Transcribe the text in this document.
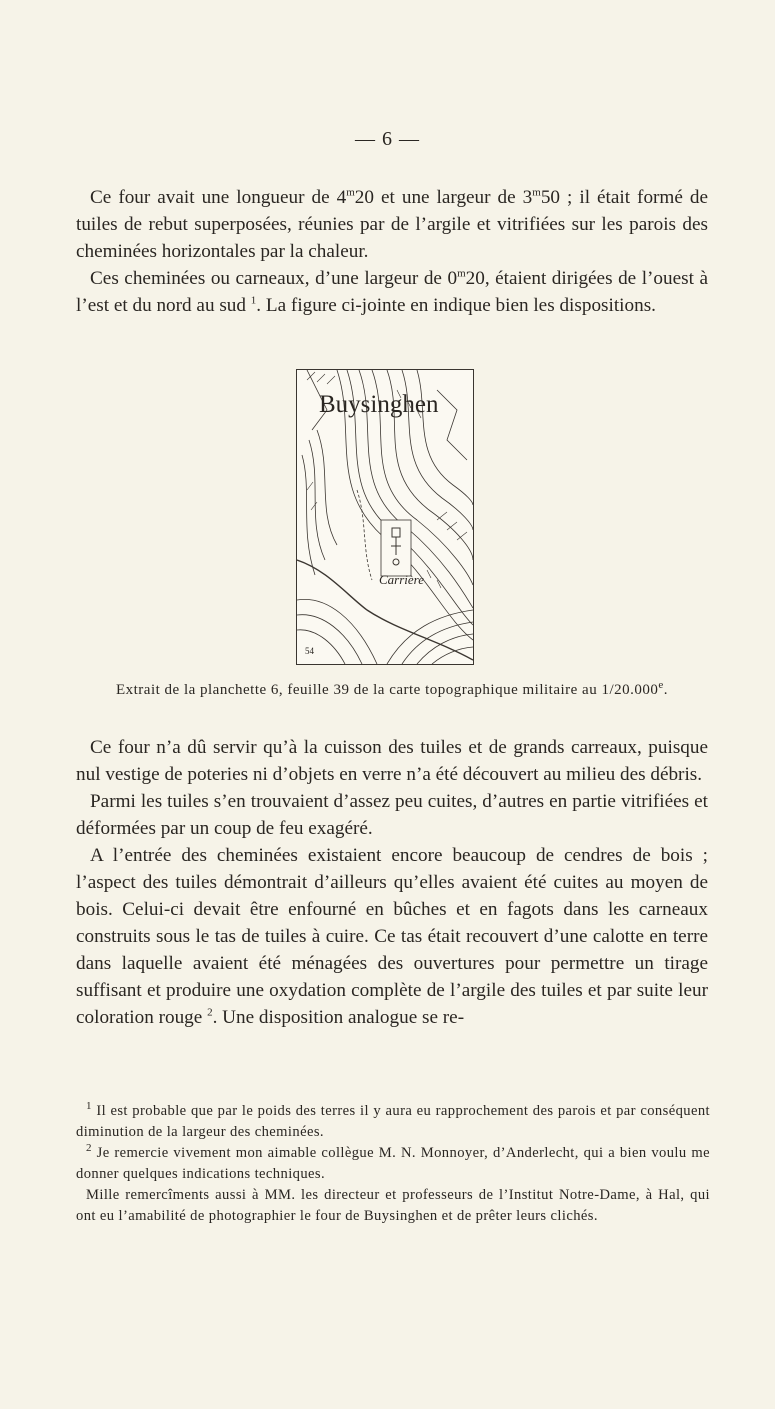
— 6 —

Ce four avait une longueur de 4$^m$20 et une largeur de 3$^m$50 ; il était formé de tuiles de rebut superposées, réunies par de l’argile et vitrifiées sur les parois des cheminées horizontales par la chaleur.

Ces cheminées ou carneaux, d’une largeur de 0$^m$20, étaient dirigées de l’ouest à l’est et du nord au sud $^1$. La figure ci-jointe en indique bien les dispositions.

Buysinghen
Carrière
54
Extrait de la planchette 6, feuille 39 de la carte topographique militaire au 1/20.000e.

Ce four n’a dû servir qu’à la cuisson des tuiles et de grands carreaux, puisque nul vestige de poteries ni d’objets en verre n’a été découvert au milieu des débris.

Parmi les tuiles s’en trouvaient d’assez peu cuites, d’autres en partie vitrifiées et déformées par un coup de feu exagéré.

A l’entrée des cheminées existaient encore beaucoup de cendres de bois ; l’aspect des tuiles démontrait d’ailleurs qu’elles avaient été cuites au moyen de bois. Celui-ci devait être enfourné en bûches et en fagots dans les carneaux construits sous le tas de tuiles à cuire. Ce tas était recouvert d’une calotte en terre dans laquelle avaient été ménagées des ouvertures pour permettre un tirage suffisant et produire une oxydation complète de l’argile des tuiles et par suite leur coloration rouge $^2$. Une disposition analogue se re-

$^1$ Il est probable que par le poids des terres il y aura eu rapprochement des parois et par conséquent diminution de la largeur des cheminées.

$^2$ Je remercie vivement mon aimable collègue M. N. Monnoyer, d’Anderlecht, qui a bien voulu me donner quelques indications techniques.

Mille remercîments aussi à MM. les directeur et professeurs de l’Institut Notre-Dame, à Hal, qui ont eu l’amabilité de photographier le four de Buysinghen et de prêter leurs clichés.
